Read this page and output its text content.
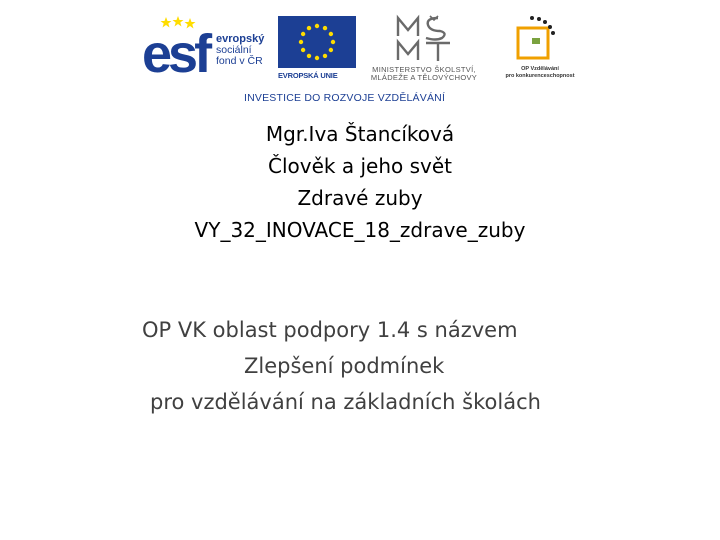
esf evropský
sociální
fond v ČR
EVROPSKÁ UNIE
MINISTERSTVO ŠKOLSTVÍ,
MLÁDEŽE A TĚLOVÝCHOVY
OP Vzdělávání
pro konkurenceschopnost
INVESTICE DO ROZVOJE VZDĚLÁVÁNÍ
Mgr.Iva Štancíková
Člověk a jeho svět
Zdravé zuby
VY_32_INOVACE_18_zdrave_zuby
OP VK oblast podpory 1.4 s názvem
Zlepšení podmínek
pro vzdělávání na základních školách
